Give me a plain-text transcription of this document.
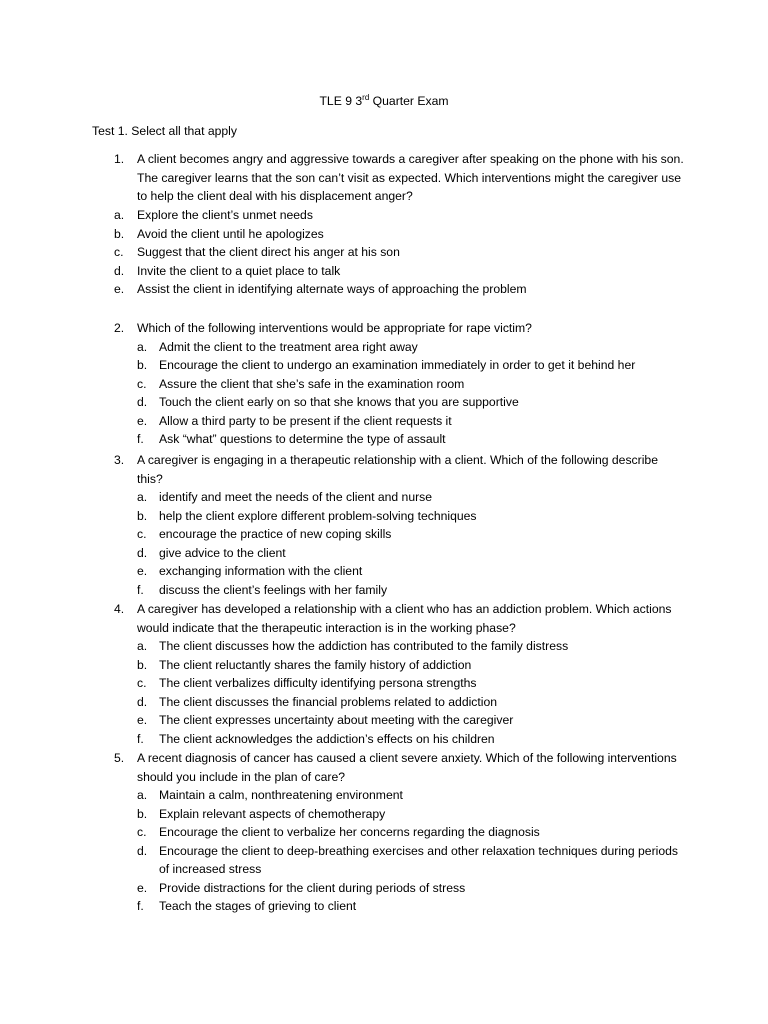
TLE 9 3rd Quarter Exam
Test 1. Select all that apply
1. A client becomes angry and aggressive towards a caregiver after speaking on the phone with his son. The caregiver learns that the son can’t visit as expected. Which interventions might the caregiver use to help the client deal with his displacement anger?
a. Explore the client’s unmet needs
b. Avoid the client until he apologizes
c. Suggest that the client direct his anger at his son
d. Invite the client to a quiet place to talk
e. Assist the client in identifying alternate ways of approaching the problem
2. Which of the following interventions would be appropriate for rape victim?
a. Admit the client to the treatment area right away
b. Encourage the client to undergo an examination immediately in order to get it behind her
c. Assure the client that she’s safe in the examination room
d. Touch the client early on so that she knows that you are supportive
e. Allow a third party to be present if the client requests it
f. Ask “what” questions to determine the type of assault
3. A caregiver is engaging in a therapeutic relationship with a client. Which of the following describe this?
a. identify and meet the needs of the client and nurse
b. help the client explore different problem-solving techniques
c. encourage the practice of new coping skills
d. give advice to the client
e. exchanging information with the client
f. discuss the client’s feelings with her family
4. A caregiver has developed a relationship with a client who has an addiction problem. Which actions would indicate that the therapeutic interaction is in the working phase?
a. The client discusses how the addiction has contributed to the family distress
b. The client reluctantly shares the family history of addiction
c. The client verbalizes difficulty identifying persona strengths
d. The client discusses the financial problems related to addiction
e. The client expresses uncertainty about meeting with the caregiver
f. The client acknowledges the addiction’s effects on his children
5. A recent diagnosis of cancer has caused a client severe anxiety. Which of the following interventions should you include in the plan of care?
a. Maintain a calm, nonthreatening environment
b. Explain relevant aspects of chemotherapy
c. Encourage the client to verbalize her concerns regarding the diagnosis
d. Encourage the client to deep-breathing exercises and other relaxation techniques during periods of increased stress
e. Provide distractions for the client during periods of stress
f. Teach the stages of grieving to client
